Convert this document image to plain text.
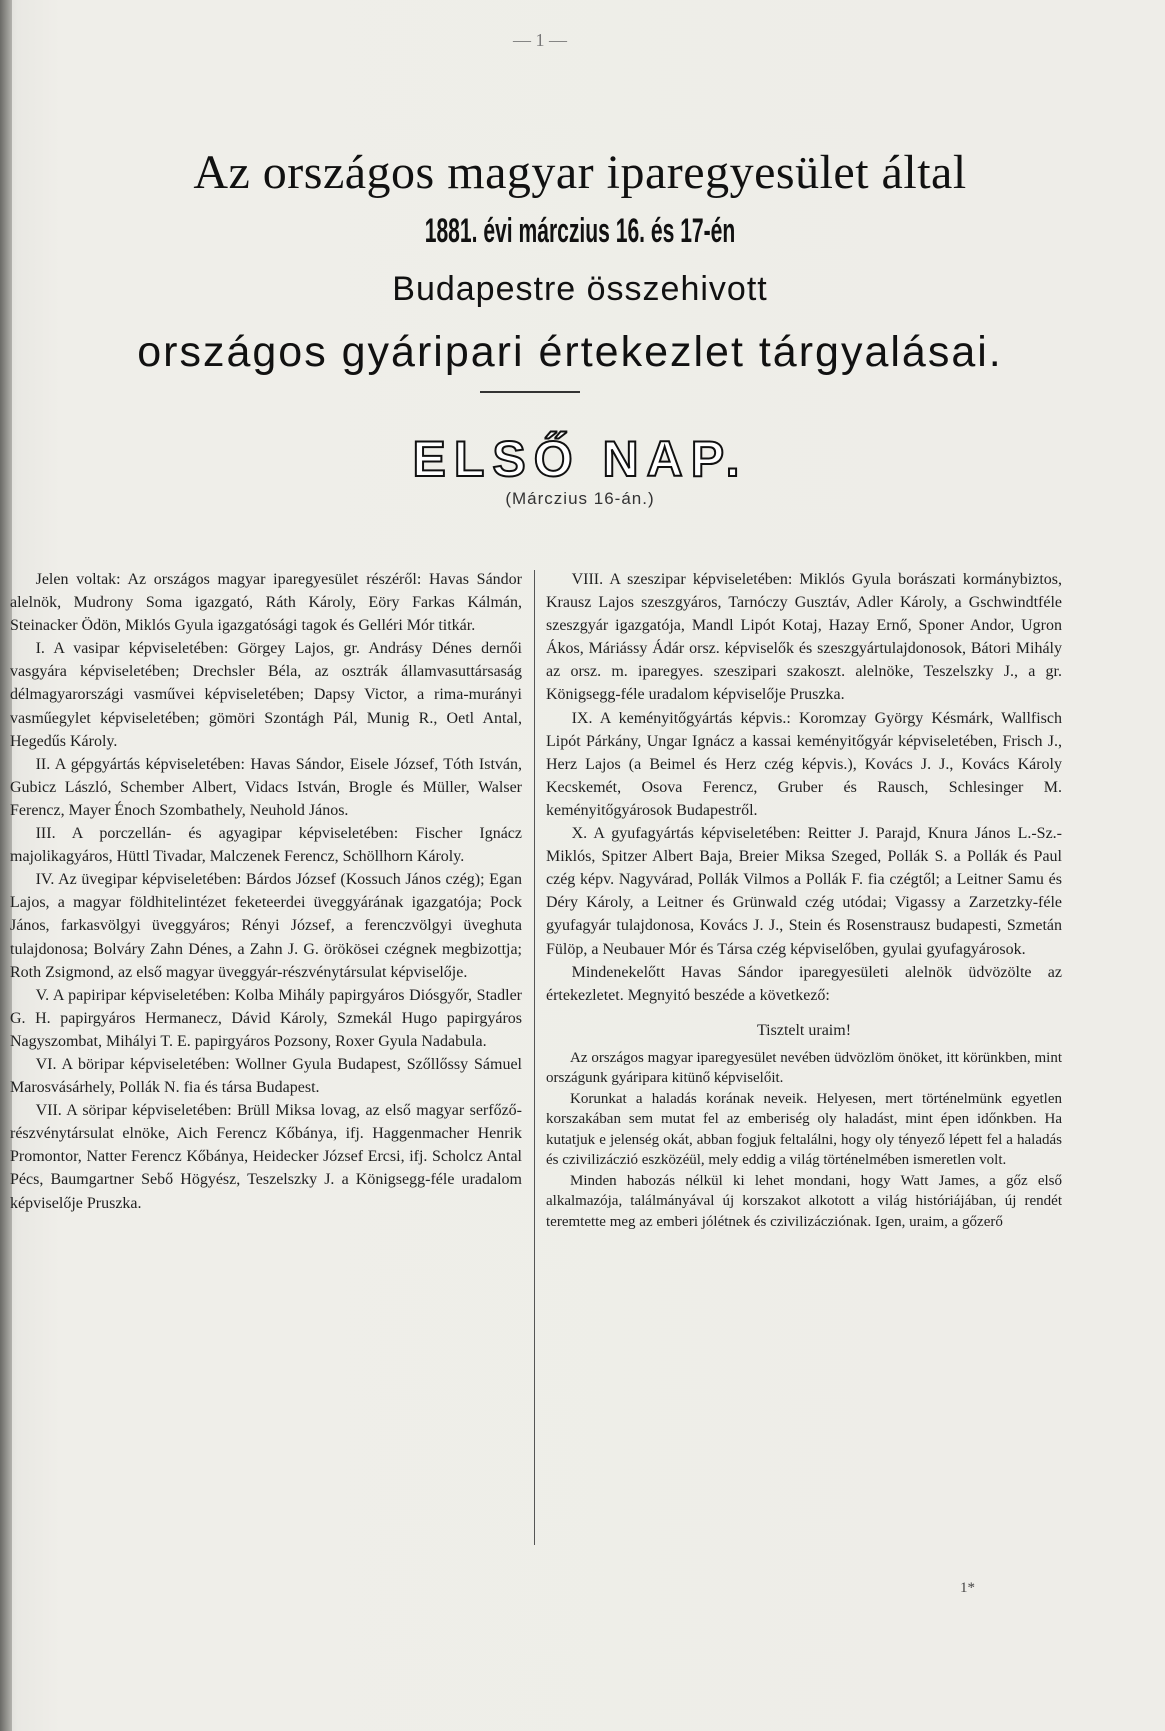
— 1 —
Az országos magyar iparegyesület által
1881. évi márczius 16. és 17-én
Budapestre összehivott
országos gyáripari értekezlet tárgyalásai.
ELSŐ NAP.
(Márczius 16-án.)

Jelen voltak: Az országos magyar iparegyesület részéről: Havas Sándor alelnök, Mudrony Soma igazgató, Ráth Károly, Eöry Farkas Kálmán, Steinacker Ödön, Miklós Gyula igazgatósági tagok és Gelléri Mór titkár.

I. A vasipar képviseletében: Görgey Lajos, gr. Andrásy Dénes dernői vasgyára képviseletében; Drechsler Béla, az osztrák államvasuttársaság délmagyarországi vasművei képviseletében; Dapsy Victor, a rima-murányi vasműegylet képviseletében; gömöri Szontágh Pál, Munig R., Oetl Antal, Hegedűs Károly.

II. A gépgyártás képviseletében: Havas Sándor, Eisele József, Tóth István, Gubicz László, Schember Albert, Vidacs István, Brogle és Müller, Walser Ferencz, Mayer Énoch Szombathely, Neuhold János.

III. A porczellán- és agyagipar képviseletében: Fischer Ignácz majolikagyáros, Hüttl Tivadar, Malczenek Ferencz, Schöllhorn Károly.

IV. Az üvegipar képviseletében: Bárdos József (Kossuch János czég); Egan Lajos, a magyar földhitelintézet feketeerdei üveggyárának igazgatója; Pock János, farkasvölgyi üveggyáros; Rényi József, a ferenczvölgyi üveghuta tulajdonosa; Bolváry Zahn Dénes, a Zahn J. G. örökösei czégnek megbizottja; Roth Zsigmond, az első magyar üveggyár-részvénytársulat képviselője.

V. A papiripar képviseletében: Kolba Mihály papirgyáros Diósgyőr, Stadler G. H. papirgyáros Hermanecz, Dávid Károly, Szmekál Hugo papirgyáros Nagyszombat, Mihályi T. E. papirgyáros Pozsony, Roxer Gyula Nadabula.

VI. A böripar képviseletében: Wollner Gyula Budapest, Szőllőssy Sámuel Marosvásárhely, Pollák N. fia és társa Budapest.

VII. A söripar képviseletében: Brüll Miksa lovag, az első magyar serfőző-részvénytársulat elnöke, Aich Ferencz Kőbánya, ifj. Haggenmacher Henrik Promontor, Natter Ferencz Kőbánya, Heidecker József Ercsi, ifj. Scholcz Antal Pécs, Baumgartner Sebő Högyész, Teszelszky J. a Königsegg-féle uradalom képviselője Pruszka.

VIII. A szeszipar képviseletében: Miklós Gyula borászati kormánybiztos, Krausz Lajos szeszgyáros, Tarnóczy Gusztáv, Adler Károly, a Gschwindtféle szeszgyár igazgatója, Mandl Lipót Kotaj, Hazay Ernő, Sponer Andor, Ugron Ákos, Máriássy Ádár orsz. képviselők és szeszgyártulajdonosok, Bátori Mihály az orsz. m. iparegyes. szeszipari szakoszt. alelnöke, Teszelszky J., a gr. Königsegg-féle uradalom képviselője Pruszka.

IX. A keményitőgyártás képvis.: Koromzay György Késmárk, Wallfisch Lipót Párkány, Ungar Ignácz a kassai keményitőgyár képviseletében, Frisch J., Herz Lajos (a Beimel és Herz czég képvis.), Kovács J. J., Kovács Károly Kecskemét, Osova Ferencz, Gruber és Rausch, Schlesinger M. keményitőgyárosok Budapestről.

X. A gyufagyártás képviseletében: Reitter J. Parajd, Knura János L.-Sz.-Miklós, Spitzer Albert Baja, Breier Miksa Szeged, Pollák S. a Pollák és Paul czég képv. Nagyvárad, Pollák Vilmos a Pollák F. fia czégtől; a Leitner Samu és Déry Károly, a Leitner és Grünwald czég utódai; Vigassy a Zarzetzky-féle gyufagyár tulajdonosa, Kovács J. J., Stein és Rosenstrausz budapesti, Szmetán Fülöp, a Neubauer Mór és Társa czég képviselőben, gyulai gyufagyárosok.

Mindenekelőtt Havas Sándor iparegyesületi alelnök üdvözölte az értekezletet. Megnyitó beszéde a következő:

Tisztelt uraim!

Az országos magyar iparegyesület nevében üdvözlöm önöket, itt körünkben, mint országunk gyáripara kitünő képviselőit.

Korunkat a haladás korának neveik. Helyesen, mert történelmünk egyetlen korszakában sem mutat fel az emberiség oly haladást, mint épen időnkben. Ha kutatjuk e jelenség okát, abban fogjuk feltalálni, hogy oly tényező lépett fel a haladás és czivilizáczió eszközéül, mely eddig a világ történelmében ismeretlen volt.

Minden habozás nélkül ki lehet mondani, hogy Watt James, a gőz első alkalmazója, találmányával új korszakot alkotott a világ históriájában, új rendét teremtette meg az emberi jólétnek és czivilizácziónak. Igen, uraim, a gőzerő

1*
